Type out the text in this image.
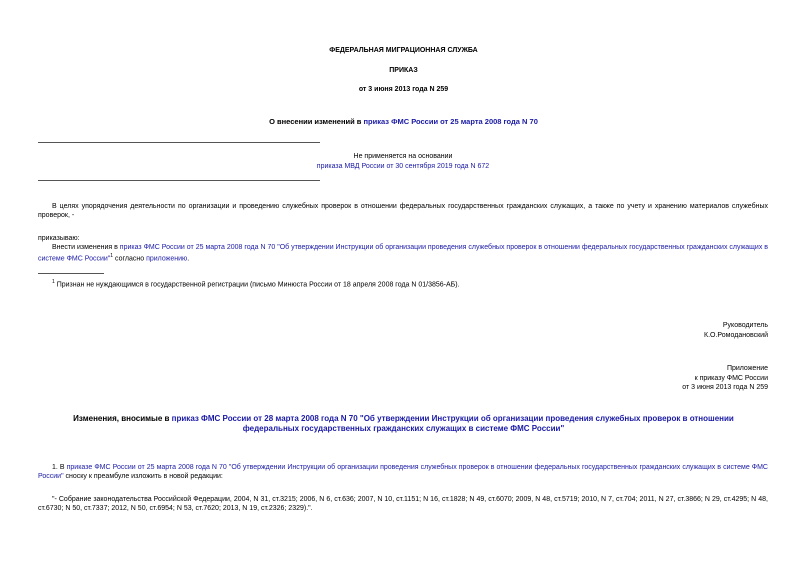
ФЕДЕРАЛЬНАЯ МИГРАЦИОННАЯ СЛУЖБА
ПРИКАЗ
от 3 июня 2013 года N 259
О внесении изменений в приказ ФМС России от 25 марта 2008 года N 70
Не применяется на основании
приказа МВД России от 30 сентября 2019 года N 672
В целях упорядочения деятельности по организации и проведению служебных проверок в отношении федеральных государственных гражданских служащих, а также по учету и хранению материалов служебных проверок, -
приказываю:
Внести изменения в приказ ФМС России от 25 марта 2008 года N 70 "Об утверждении Инструкции об организации проведения служебных проверок в отношении федеральных государственных гражданских служащих в системе ФМС России"$^1$ согласно приложению.
$^1$ Признан не нуждающимся в государственной регистрации (письмо Минюста России от 18 апреля 2008 года N 01/3856-АБ).
Руководитель
К.О.Ромодановский
Приложение
к приказу ФМС России
от 3 июня 2013 года N 259
Изменения, вносимые в приказ ФМС России от 28 марта 2008 года N 70 "Об утверждении Инструкции об организации проведения служебных проверок в отношении федеральных государственных гражданских служащих в системе ФМС России"
1. В приказе ФМС России от 25 марта 2008 года N 70 "Об утверждении Инструкции об организации проведения служебных проверок в отношении федеральных государственных гражданских служащих в системе ФМС России" сноску к преамбуле изложить в новой редакции:
"- Собрание законодательства Российской Федерации, 2004, N 31, ст.3215; 2006, N 6, ст.636; 2007, N 10, ст.1151; N 16, ст.1828; N 49, ст.6070; 2009, N 48, ст.5719; 2010, N 7, ст.704; 2011, N 27, ст.3866; N 29, ст.4295; N 48, ст.6730; N 50, ст.7337; 2012, N 50, ст.6954; N 53, ст.7620; 2013, N 19, ст.2326; 2329).".
